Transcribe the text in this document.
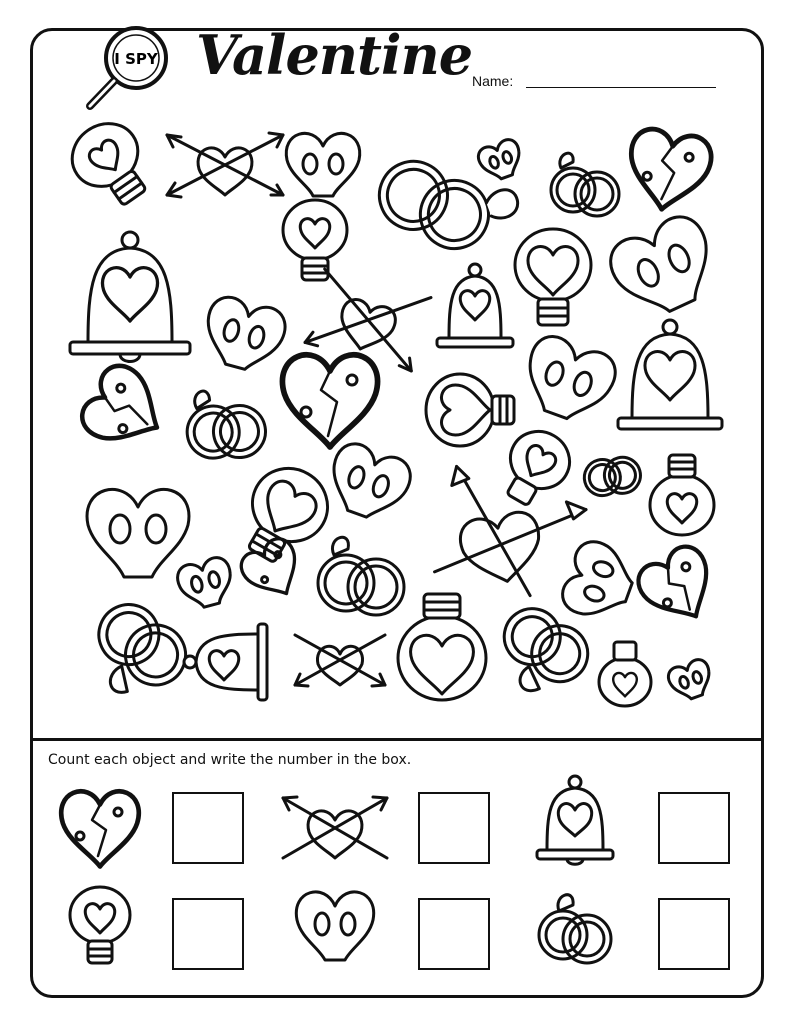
I SPY Valentine Name:
Count each object and write the number in the box.
